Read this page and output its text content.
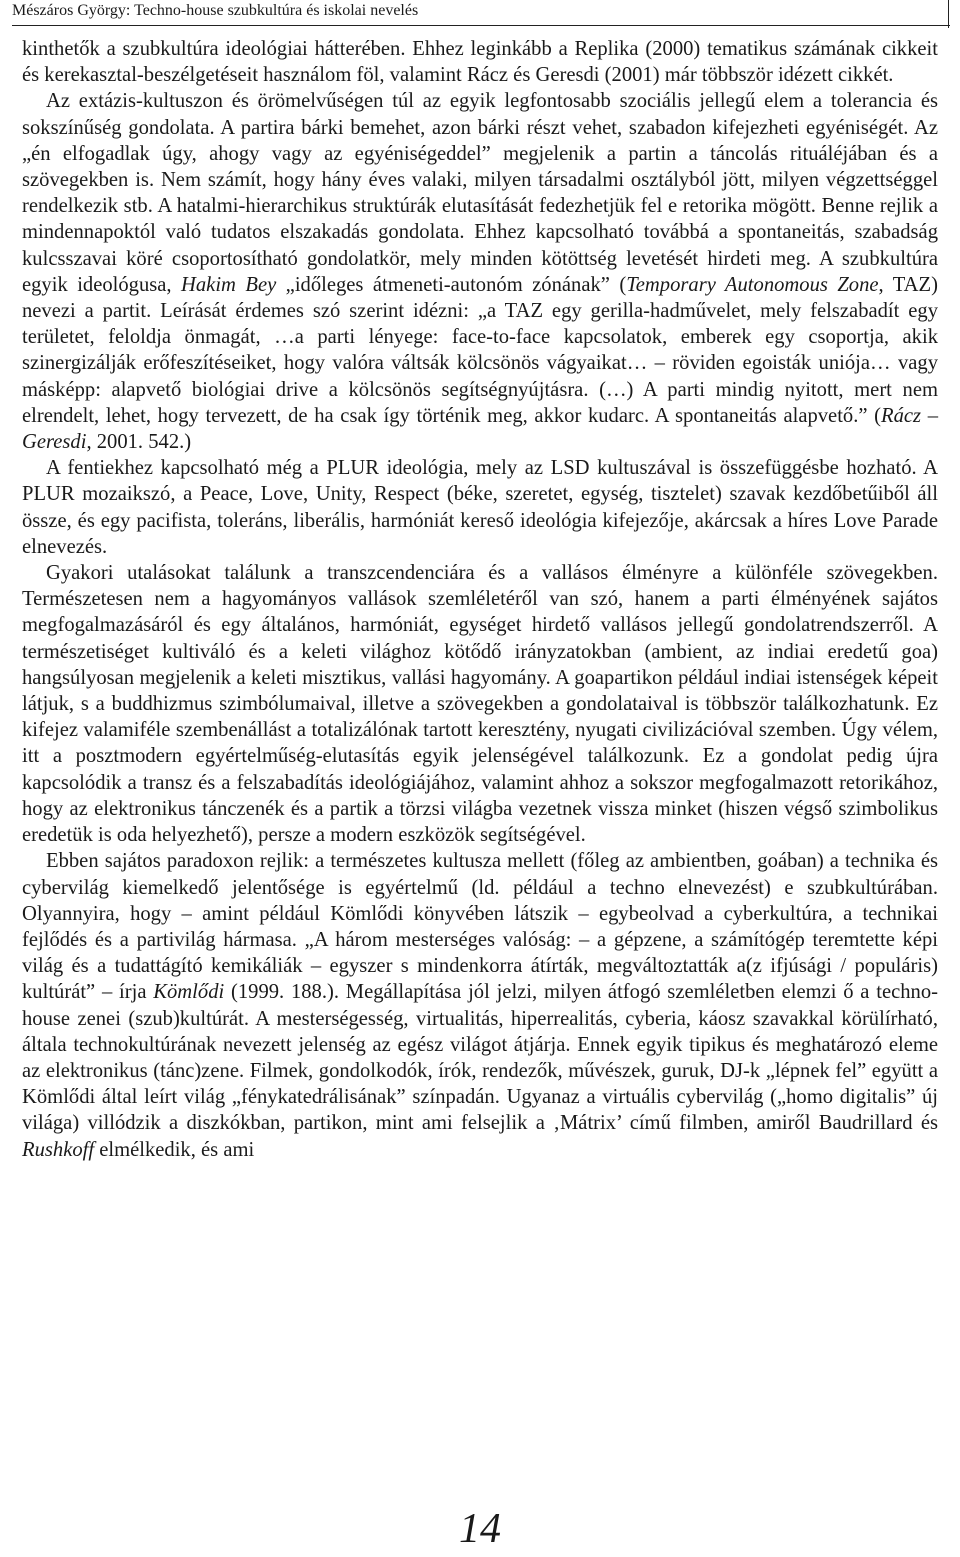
Mészáros György: Techno-house szubkultúra és iskolai nevelés

kinthetők a szubkultúra ideológiai hátterében. Ehhez leginkább a Replika (2000) tematikus számának cikkeit és kerekasztal-beszélgetéseit használom föl, valamint Rácz és Geresdi (2001) már többször idézett cikkét.
Az extázis-kultuszon és örömelvűségen túl az egyik legfontosabb szociális jellegű elem a tolerancia és sokszínűség gondolata. A partira bárki bemehet, azon bárki részt vehet, szabadon kifejezheti egyéniségét. Az „én elfogadlak úgy, ahogy vagy az egyéniségeddel” megjelenik a partin a táncolás rituáléjában és a szövegekben is. Nem számít, hogy hány éves valaki, milyen társadalmi osztályból jött, milyen végzettséggel rendelkezik stb. A hatalmi-hierarchikus struktúrák elutasítását fedezhetjük fel e retorika mögött. Benne rejlik a mindennapoktól való tudatos elszakadás gondolata. Ehhez kapcsolható továbbá a spontaneitás, szabadság kulcsszavai köré csoportosítható gondolatkör, mely minden kötöttség levetését hirdeti meg. A szubkultúra egyik ideológusa, Hakim Bey „időleges átmeneti-autonóm zónának” (Temporary Autonomous Zone, TAZ) nevezi a partit. Leírását érdemes szó szerint idézni: „a TAZ egy gerilla-hadművelet, mely felszabadít egy területet, feloldja önmagát, …a parti lényege: face-to-face kapcsolatok, emberek egy csoportja, akik szinergizálják erőfeszítéseiket, hogy valóra váltsák kölcsönös vágyaikat… – röviden egoisták uniója… vagy másképp: alapvető biológiai drive a kölcsönös segítségnyújtásra. (…) A parti mindig nyitott, mert nem elrendelt, lehet, hogy tervezett, de ha csak így történik meg, akkor kudarc. A spontaneitás alapvető.” (Rácz – Geresdi, 2001. 542.)

A fentiekhez kapcsolható még a PLUR ideológia, mely az LSD kultuszával is összefüggésbe hozható. A PLUR mozaikszó, a Peace, Love, Unity, Respect (béke, szeretet, egység, tisztelet) szavak kezdőbetűiből áll össze, és egy pacifista, toleráns, liberális, harmóniát kereső ideológia kifejezője, akárcsak a híres Love Parade elnevezés.

Gyakori utalásokat találunk a transzcendenciára és a vallásos élményre a különféle szövegekben. Természetesen nem a hagyományos vallások szemléletéről van szó, hanem a parti élményének sajátos megfogalmazásáról és egy általános, harmóniát, egységet hirdető vallásos jellegű gondolatrendszerről. A természetiséget kultiváló és a keleti világhoz kötődő irányzatokban (ambient, az indiai eredetű goa) hangsúlyosan megjelenik a keleti misztikus, vallási hagyomány. A goapartikon például indiai istenségek képeit látjuk, s a buddhizmus szimbólumaival, illetve a szövegekben a gondolataival is többször találkozhatunk. Ez kifejez valamiféle szembenállást a totalizálónak tartott keresztény, nyugati civilizációval szemben. Úgy vélem, itt a posztmodern egyértelműség-elutasítás egyik jelenségével találkozunk. Ez a gondolat pedig újra kapcsolódik a transz és a felszabadítás ideológiájához, valamint ahhoz a sokszor megfogalmazott retorikához, hogy az elektronikus tánczenék és a partik a törzsi világba vezetnek vissza minket (hiszen végső szimbolikus eredetük is oda helyezhető), persze a modern eszközök segítségével.

Ebben sajátos paradoxon rejlik: a természetes kultusza mellett (főleg az ambientben, goában) a technika és cybervilág kiemelkedő jelentősége is egyértelmű (ld. például a techno elnevezést) e szubkultúrában. Olyannyira, hogy – amint például Kömlődi könyvében látszik – egybeolvad a cyberkultúra, a technikai fejlődés és a partivilág hármasa. „A három mesterséges valóság: – a gépzene, a számítógép teremtette képi világ és a tudattágító kemikáliák – egyszer s mindenkorra átírták, megváltoztatták a(z ifjúsági / populáris) kultúrát” – írja Kömlődi (1999. 188.). Megállapítása jól jelzi, milyen átfogó szemléletben elemzi ő a techno-house zenei (szub)kultúrát. A mesterségesség, virtualitás, hiperrealitás, cyberia, káosz szavakkal körülírható, általa technokultúrának nevezett jelenség az egész világot átjárja. Ennek egyik tipikus és meghatározó eleme az elektronikus (tánc)zene. Filmek, gondolkodók, írók, rendezők, művészek, guruk, DJ-k „lépnek fel” együtt a Kömlődi által leírt világ „fénykatedrálisának” színpadán. Ugyanaz a virtuális cybervilág („homo digitalis” új világa) villódzik a diszkókban, partikon, mint ami felsejlik a ‚Mátrix’ című filmben, amiről Baudrillard és Rushkoff elmélkedik, és ami

14
